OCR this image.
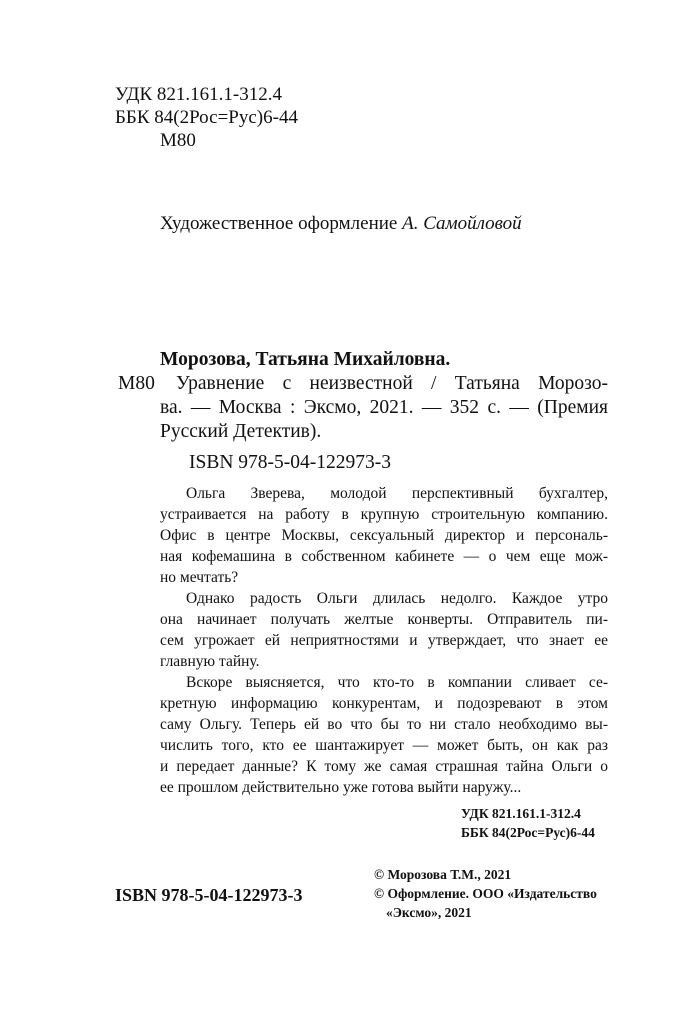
УДК 821.161.1-312.4
ББК 84(2Рос=Рус)6-44
М80
Художественное оформление А. Самойловой
Морозова, Татьяна Михайловна.
М80 Уравнение с неизвестной / Татьяна Морозо-
ва. — Москва : Эксмо, 2021. — 352 с. — (Премия
Русский Детектив).
ISBN 978-5-04-122973-3
Ольга Зверева, молодой перспективный бухгалтер,
устраивается на работу в крупную строительную компанию.
Офис в центре Москвы, сексуальный директор и персональ-
ная кофемашина в собственном кабинете — о чем еще мож-
но мечтать?
Однако радость Ольги длилась недолго. Каждое утро
она начинает получать желтые конверты. Отправитель пи-
сем угрожает ей неприятностями и утверждает, что знает ее
главную тайну.
Вскоре выясняется, что кто-то в компании сливает се-
кретную информацию конкурентам, и подозревают в этом
саму Ольгу. Теперь ей во что бы то ни стало необходимо вы-
числить того, кто ее шантажирует — может быть, он как раз
и передает данные? К тому же самая страшная тайна Ольги о
ее прошлом действительно уже готова выйти наружу...
УДК 821.161.1-312.4
ББК 84(2Рос=Рус)6-44
© Морозова Т.М., 2021
© Оформление. ООО «Издательство
«Эксмо», 2021
ISBN 978-5-04-122973-3
